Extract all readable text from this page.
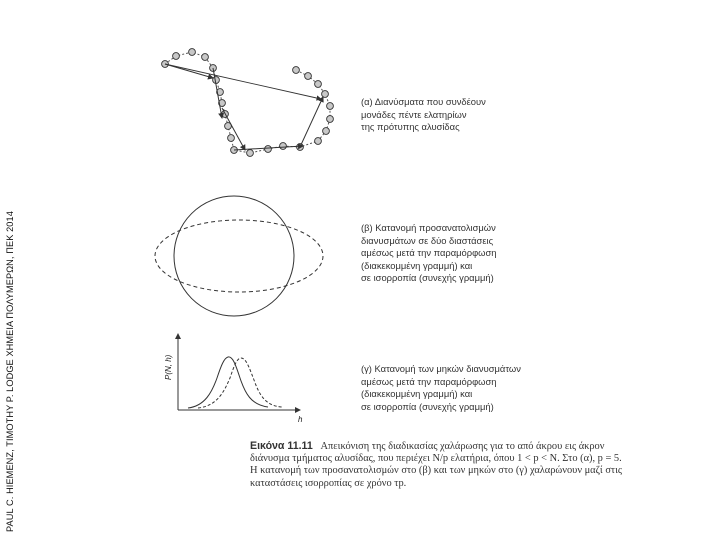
PAUL C. HIEMENZ, TIMOTHY P. LODGE ΧΗΜΕΙΑ ΠΟΛΥΜΕΡΩΝ, ΠΕΚ 2014	P(N, h)
h
(α) Διανύσματα που συνδέουν
μονάδες πέντε ελατηρίων
της πρότυπης αλυσίδας
(β) Κατανομή προσανατολισμών
διανυσμάτων σε δύο διαστάσεις
αμέσως μετά την παραμόρφωση
(διακεκομμένη γραμμή) και
σε ισορροπία (συνεχής γραμμή)
(γ) Κατανομή των μηκών διανυσμάτων
αμέσως μετά την παραμόρφωση
(διακεκομμένη γραμμή) και
σε ισορροπία (συνεχής γραμμή)
Εικόνα 11.11 Απεικόνιση της διαδικασίας χαλάρωσης για το από άκρου εις άκρον
διάνυσμα τμήματος αλυσίδας, που περιέχει N/p ελατήρια, όπου 1 < p < N. Στο (α), p = 5.
Η κατανομή των προσανατολισμών στο (β) και των μηκών στο (γ) χαλαρώνουν μαζί στις
καταστάσεις ισορροπίας σε χρόνο τp.
